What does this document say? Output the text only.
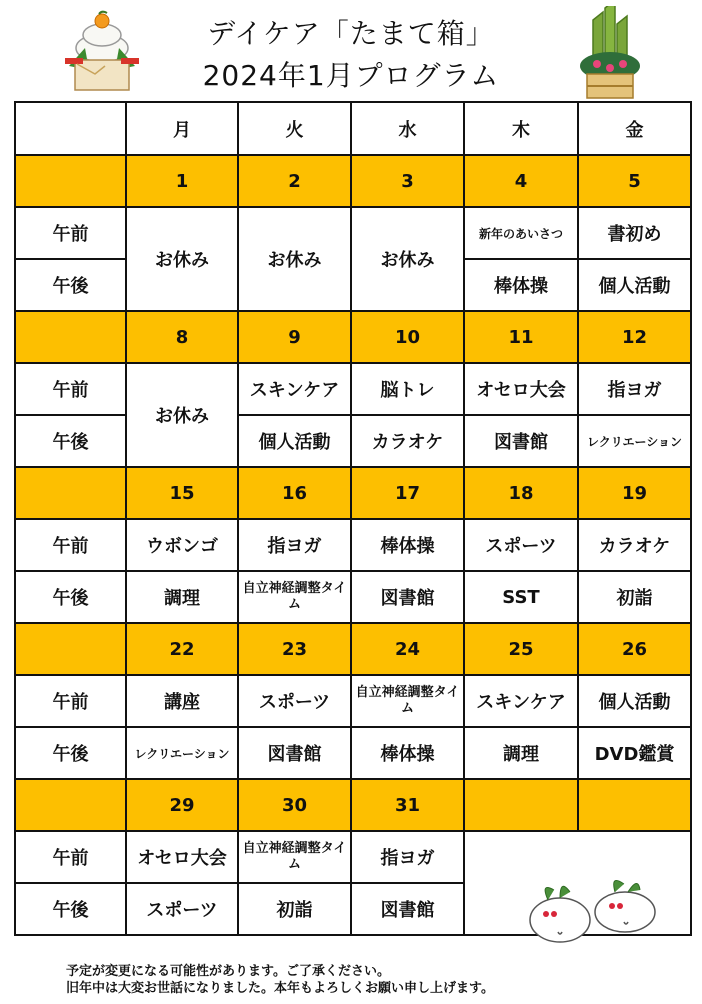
デイケア「たまて箱」
2024年1月プログラム
	月	火	水	木	金
	1	2	3	4	5
午前	お休み	お休み	お休み	新年のあいさつ	書初め
午後				棒体操	個人活動
	8	9	10	11	12
午前	お休み	スキンケア	脳トレ	オセロ大会	指ヨガ
午後		個人活動	カラオケ	図書館	レクリエーション
	15	16	17	18	19
午前	ウボンゴ	指ヨガ	棒体操	スポーツ	カラオケ
午後	調理	自立神経調整タイム	図書館	SST	初詣
	22	23	24	25	26
午前	講座	スポーツ	自立神経調整タイム	スキンケア	個人活動
午後	レクリエーション	図書館	棒体操	調理	DVD鑑賞
	29	30	31		
午前	オセロ大会	自立神経調整タイム	指ヨガ		
午後	スポーツ	初詣	図書館		
予定が変更になる可能性があります。ご了承ください。
旧年中は大変お世話になりました。本年もよろしくお願い申し上げます。
